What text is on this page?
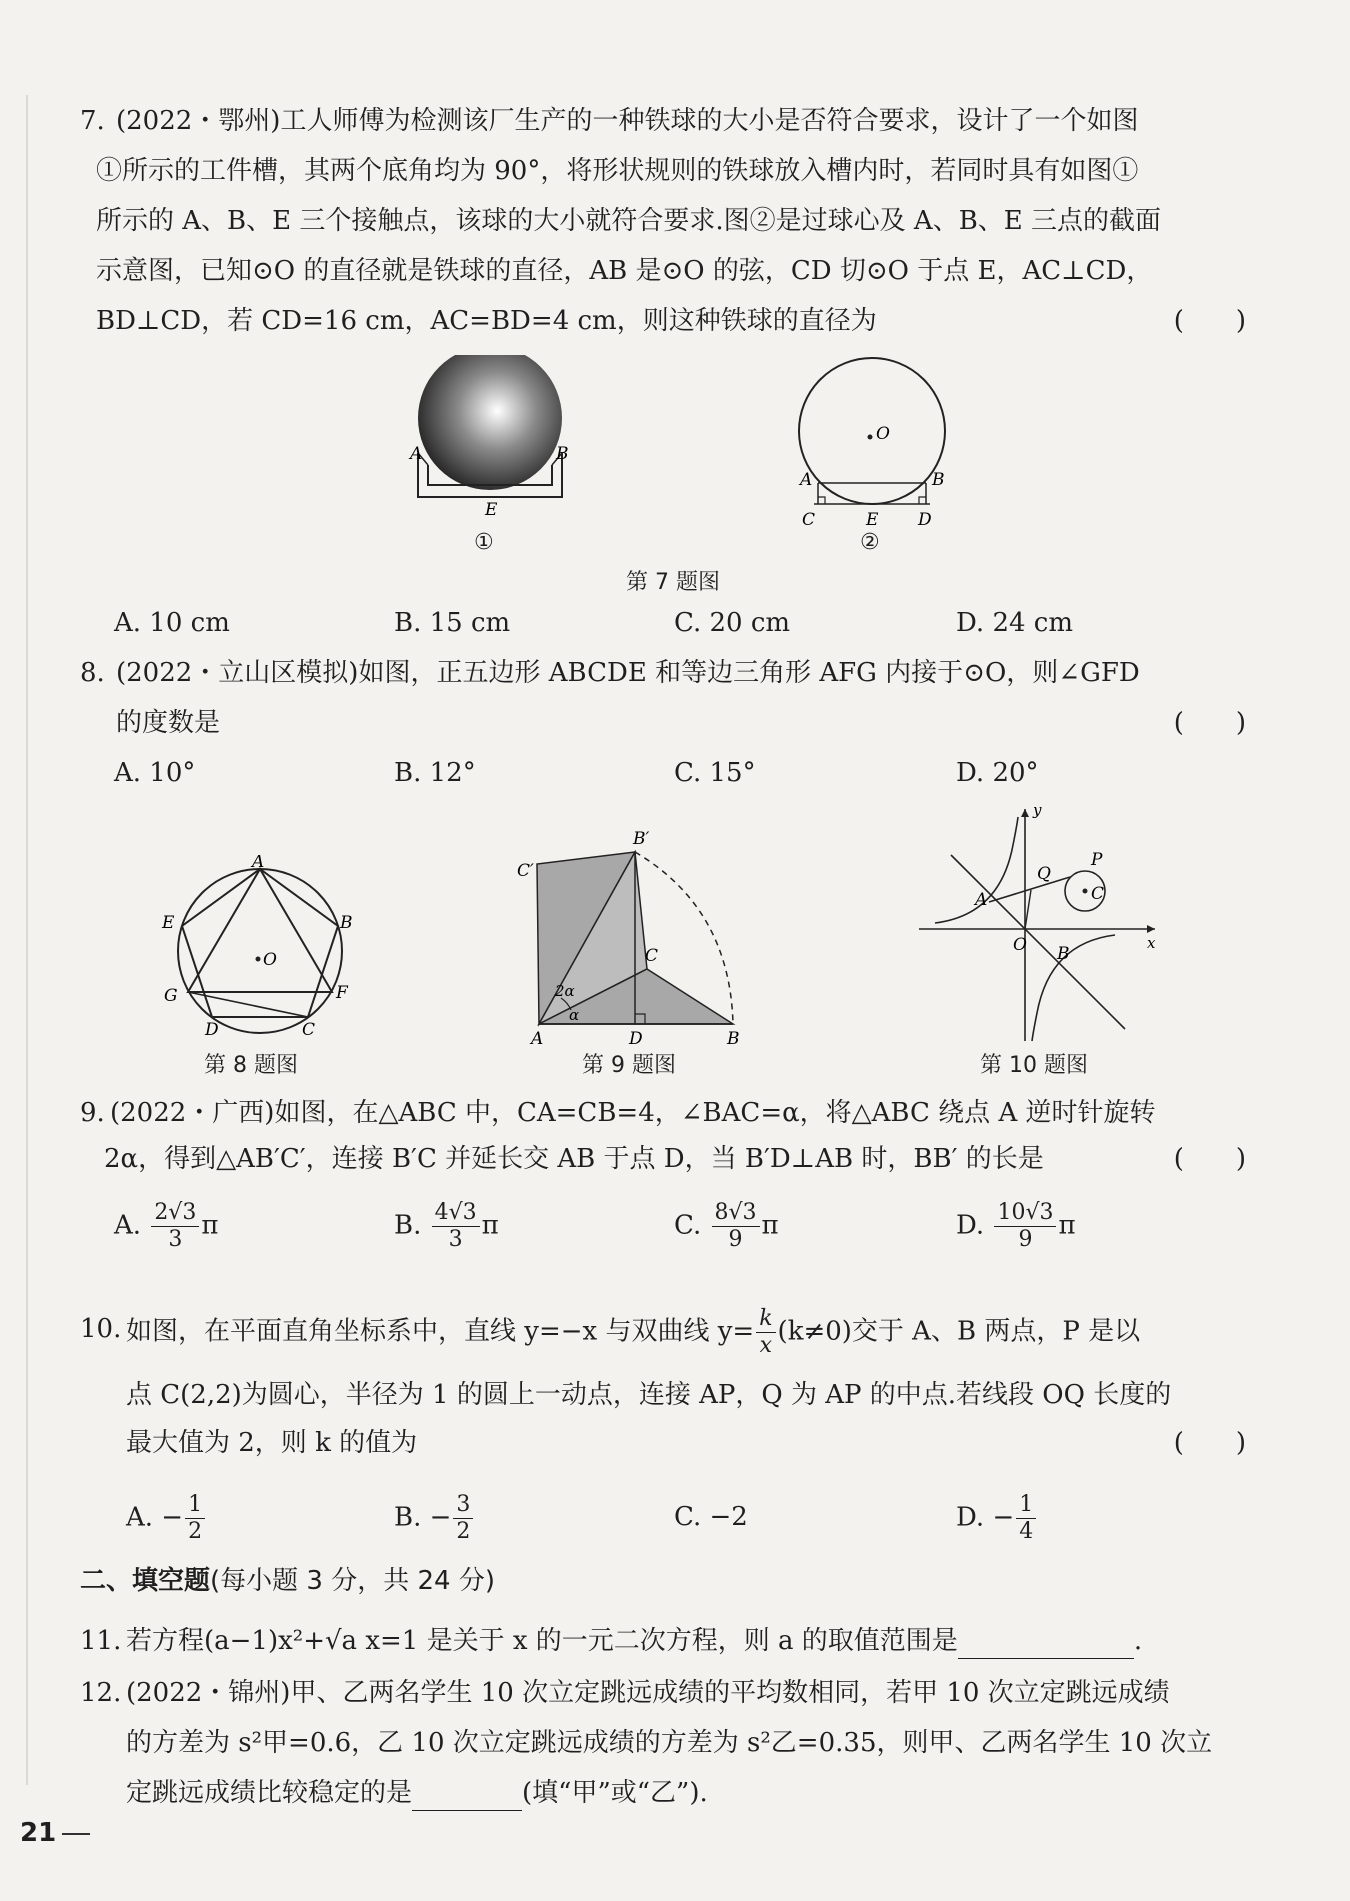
7. (2022・鄂州)工人师傅为检测该厂生产的一种铁球的大小是否符合要求，设计了一个如图
①所示的工件槽，其两个底角均为 90°，将形状规则的铁球放入槽内时，若同时具有如图①
所示的 A、B、E 三个接触点，该球的大小就符合要求.图②是过球心及 A、B、E 三点的截面
示意图，已知⊙O 的直径就是铁球的直径，AB 是⊙O 的弦，CD 切⊙O 于点 E，AC⊥CD，
BD⊥CD，若 CD=16 cm，AC=BD=4 cm，则这种铁球的直径为	(　　)
A	B
E
①
O
A	B
C	E D
②
第 7 题图
A. 10 cm	B. 15 cm	C. 20 cm	D. 24 cm
8. (2022・立山区模拟)如图，正五边形 ABCDE 和等边三角形 AFG 内接于⊙O，则∠GFD
的度数是	(　　)
A. 10°	B. 12°	C. 15°	D. 20°
O
A
B
C
D
E
F
G
第 8 题图
2α
α
B′
C′
C
A	D	B
第 9 题图
y
x
A
O B
Q
P
C
第 10 题图
9. (2022・广西)如图，在△ABC 中，CA=CB=4，∠BAC=α，将△ABC 绕点 A 逆时针旋转
2α，得到△AB′C′，连接 B′C 并延长交 AB 于点 D，当 B′D⊥AB 时，BB′ 的长是	(　　)
A. $\frac{2√3}{3}$ π	B. $\frac{4√3}{3}$ π	C. $\frac{8√3}{9}$ π	D. $\frac{10√3}{9}$ π
10. 如图，在平面直角坐标系中，直线 y=−x 与双曲线 $y= \frac{k}{x} (k\ne 0)$交于 A、B 两点，P 是以
点 C(2,2)为圆心，半径为 1 的圆上一动点，连接 AP，Q 为 AP 的中点.若线段 OQ 长度的
最大值为 2，则 k 的值为	(　　)
A. − $\frac{1}{2}$	B. − $\frac{3}{2}$	C. −2	D. − $\frac{1}{4}$
二、填空题(每小题 3 分，共 24 分)
11. 若方程(a−1)x²+√a x=1 是关于 x 的一元二次方程，则 a 的取值范围是	.
12. (2022・锦州)甲、乙两名学生 10 次立定跳远成绩的平均数相同，若甲 10 次立定跳远成绩
的方差为 s²甲=0.6，乙 10 次立定跳远成绩的方差为 s²乙=0.35，则甲、乙两名学生 10 次立
定跳远成绩比较稳定的是	(填“甲”或“乙”).
21
